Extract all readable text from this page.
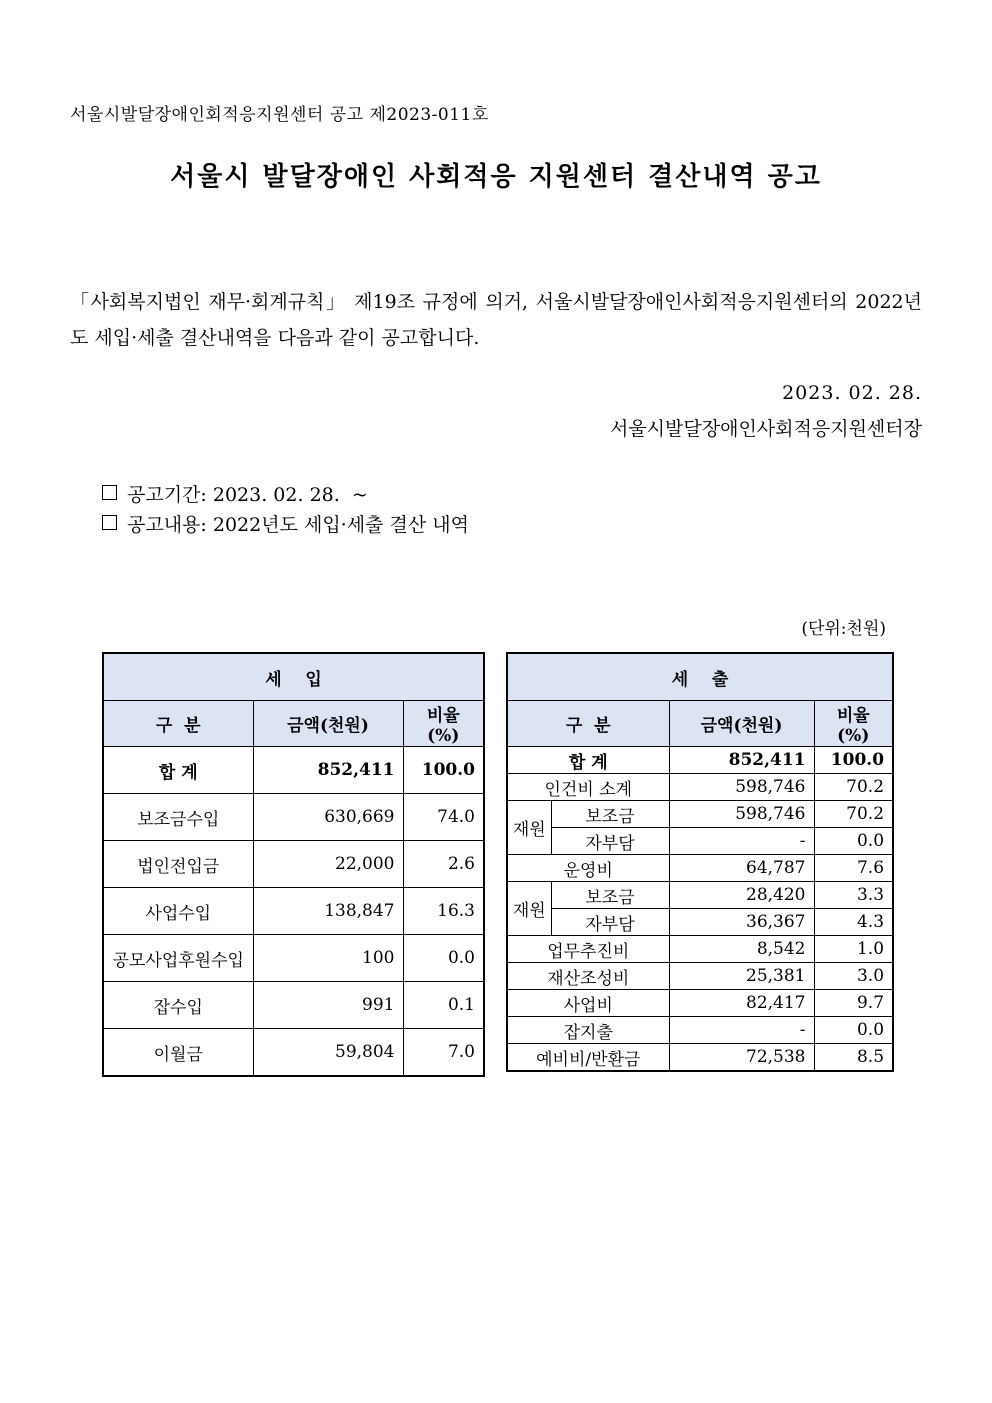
서울시발달장애인회적응지원센터 공고 제2023-011호
서울시 발달장애인 사회적응 지원센터 결산내역 공고
「사회복지법인 재무·회계규칙」 제19조 규정에 의거, 서울시발달장애인사회적응지원센터의 2022년도 세입·세출 결산내역을 다음과 같이 공고합니다.
2023. 02. 28.
서울시발달장애인사회적응지원센터장
공고기간: 2023. 02. 28.  ~
공고내용: 2022년도 세입·세출 결산 내역
(단위:천원)
세    입		
구  분	금액(천원)	비율(%)
합 계	852,411	100.0
보조금수입	630,669	74.0
법인전입금	22,000	2.6
사업수입	138,847	16.3
공모사업후원수입	100	0.0
잡수입	991	0.1
이월금	59,804	7.0
세    출			
구  분		금액(천원)	비율(%)
합 계		852,411	100.0
인건비 소계		598,746	70.2
재원	보조금	598,746	70.2
	자부담	-	0.0
운영비		64,787	7.6
재원	보조금	28,420	3.3
	자부담	36,367	4.3
업무추진비		8,542	1.0
재산조성비		25,381	3.0
사업비		82,417	9.7
잡지출		-	0.0
예비비/반환금		72,538	8.5
